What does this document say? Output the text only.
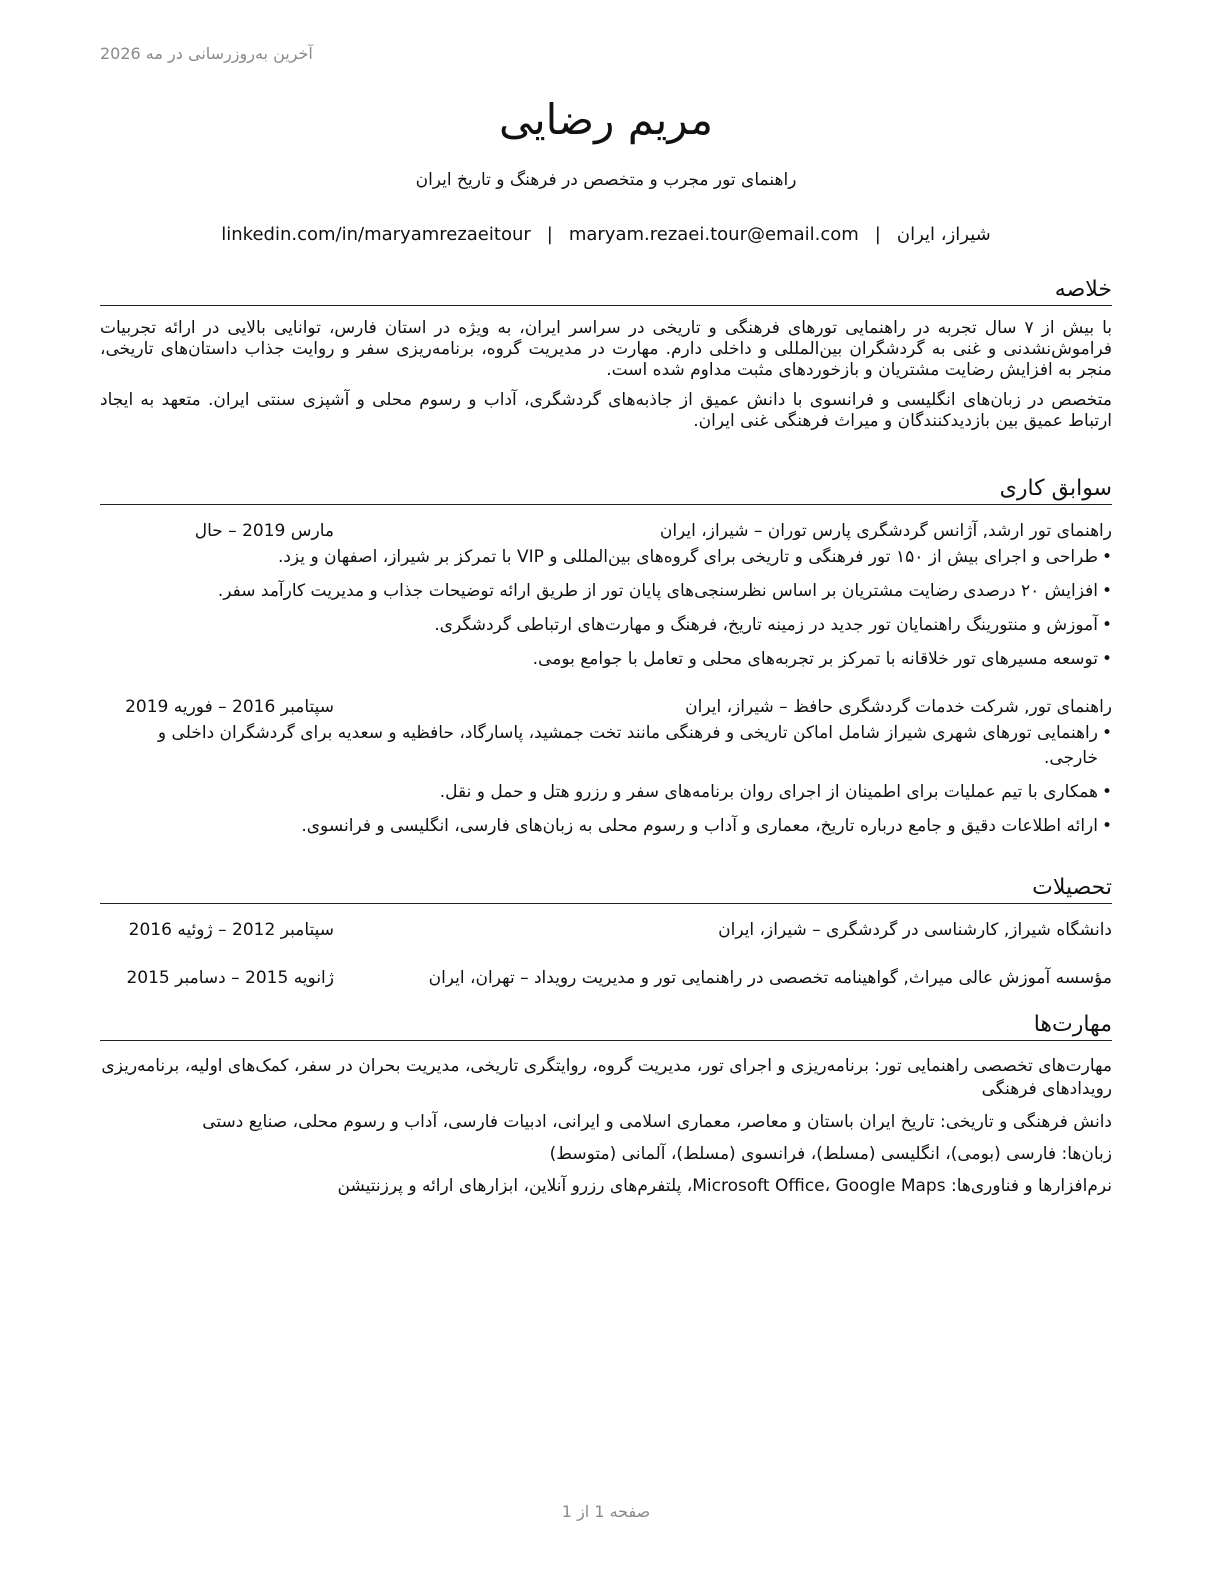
آخرین به‌روزرسانی در مه 2026
مریم رضایی
راهنمای تور مجرب و متخصص در فرهنگ و تاریخ ایران
شیراز، ایران|maryam.rezaei.tour@email.com|linkedin.com/in/maryamrezaeitour
خلاصه

با بیش از ۷ سال تجربه در راهنمایی تورهای فرهنگی و تاریخی در سراسر ایران، به ویژه در استان فارس، توانایی بالایی در ارائه تجربیات فراموش‌نشدنی و غنی به گردشگران بین‌المللی و داخلی دارم. مهارت در مدیریت گروه، برنامه‌ریزی سفر و روایت جذاب داستان‌های تاریخی، منجر به افزایش رضایت مشتریان و بازخوردهای مثبت مداوم شده است.

متخصص در زبان‌های انگلیسی و فرانسوی با دانش عمیق از جاذبه‌های گردشگری، آداب و رسوم محلی و آشپزی سنتی ایران. متعهد به ایجاد ارتباط عمیق بین بازدیدکنندگان و میراث فرهنگی غنی ایران.

سوابق کاری
راهنمای تور ارشد, آژانس گردشگری پارس توران – شیراز، ایران
مارس 2019 – حال
•
طراحی و اجرای بیش از ۱۵۰ تور فرهنگی و تاریخی برای گروه‌های بین‌المللی و VIP با تمرکز بر شیراز، اصفهان و یزد.
•
افزایش ۲۰ درصدی رضایت مشتریان بر اساس نظرسنجی‌های پایان تور از طریق ارائه توضیحات جذاب و مدیریت کارآمد سفر.
•
آموزش و منتورینگ راهنمایان تور جدید در زمینه تاریخ، فرهنگ و مهارت‌های ارتباطی گردشگری.
•
توسعه مسیرهای تور خلاقانه با تمرکز بر تجربه‌های محلی و تعامل با جوامع بومی.
راهنمای تور, شرکت خدمات گردشگری حافظ – شیراز، ایران
سپتامبر 2016 – فوریه 2019
•
راهنمایی تورهای شهری شیراز شامل اماکن تاریخی و فرهنگی مانند تخت جمشید، پاسارگاد، حافظیه و سعدیه برای گردشگران داخلی و خارجی.
•
همکاری با تیم عملیات برای اطمینان از اجرای روان برنامه‌های سفر و رزرو هتل و حمل و نقل.
•
ارائه اطلاعات دقیق و جامع درباره تاریخ، معماری و آداب و رسوم محلی به زبان‌های فارسی، انگلیسی و فرانسوی.
تحصیلات
دانشگاه شیراز, کارشناسی در گردشگری – شیراز، ایران
سپتامبر 2012 – ژوئیه 2016
مؤسسه آموزش عالی میراث, گواهینامه تخصصی در راهنمایی تور و مدیریت رویداد – تهران، ایران
ژانویه 2015 – دسامبر 2015
مهارت‌ها
مهارت‌های تخصصی راهنمایی تور: برنامه‌ریزی و اجرای تور، مدیریت گروه، روایتگری تاریخی، مدیریت بحران در سفر، کمک‌های اولیه، برنامه‌ریزی رویدادهای فرهنگی
دانش فرهنگی و تاریخی: تاریخ ایران باستان و معاصر، معماری اسلامی و ایرانی، ادبیات فارسی، آداب و رسوم محلی، صنایع دستی
زبان‌ها: فارسی (بومی)، انگلیسی (مسلط)، فرانسوی (مسلط)، آلمانی (متوسط)
نرم‌افزارها و فناوری‌ها: Microsoft Office، Google Maps، پلتفرم‌های رزرو آنلاین، ابزارهای ارائه و پرزنتیشن
صفحه 1 از 1
